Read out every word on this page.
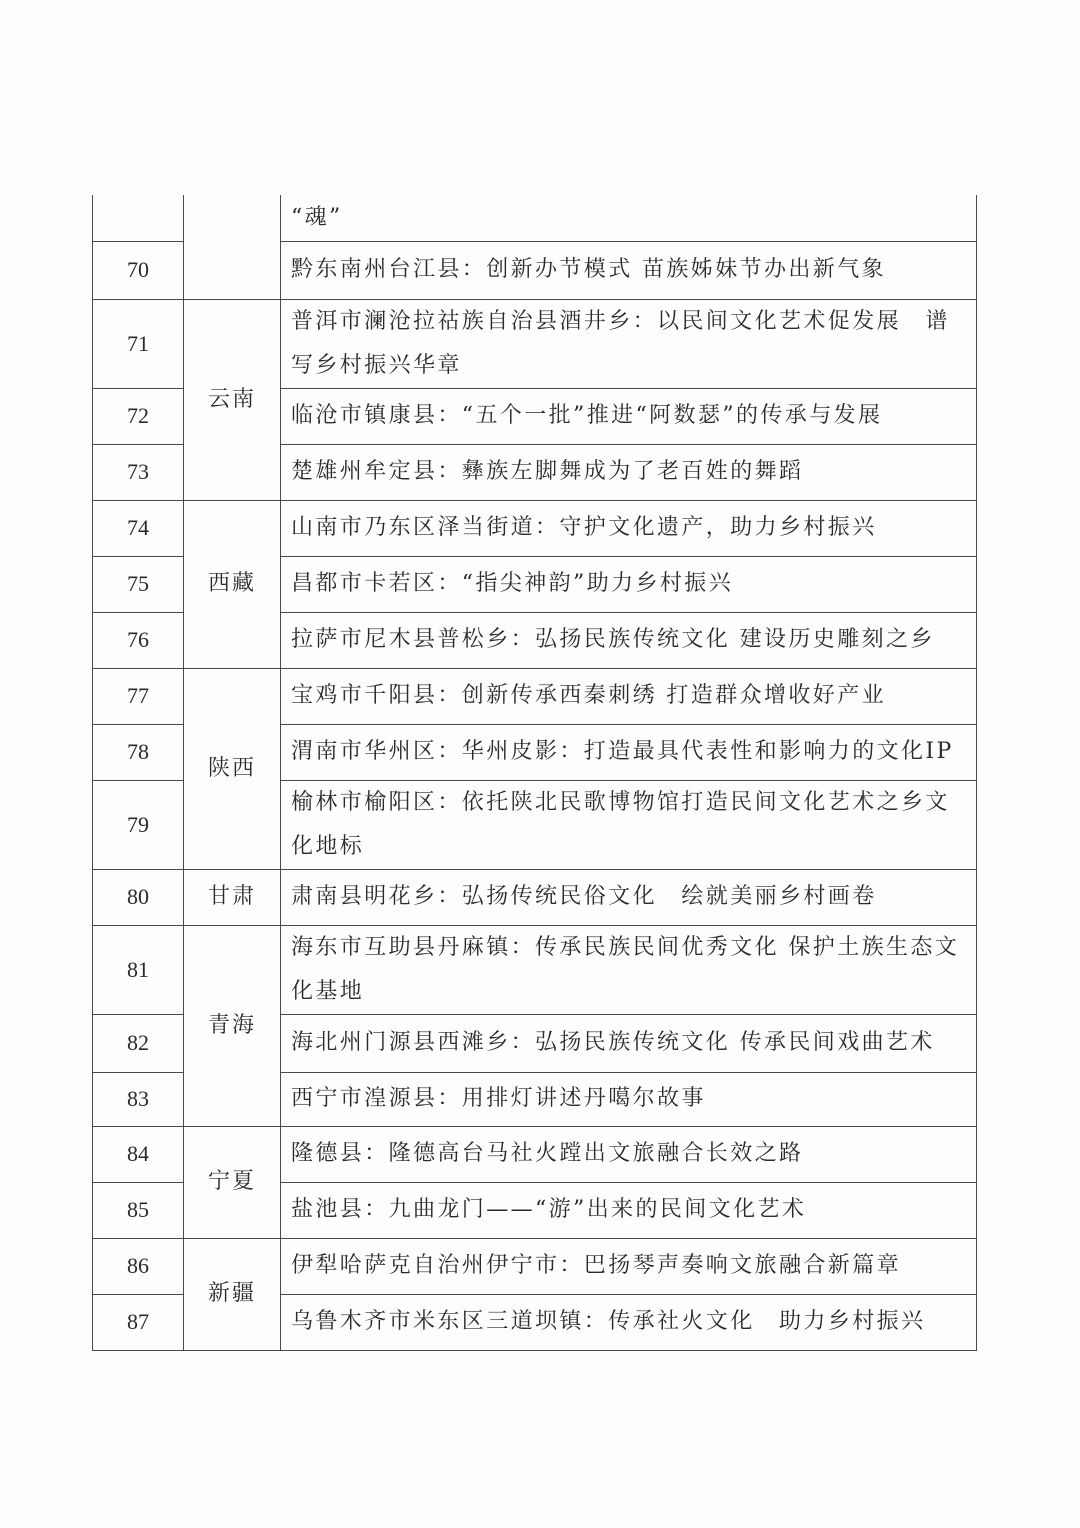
		“魂”
70		黔东南州台江县：创新办节模式 苗族姊妹节办出新气象
71	云南	普洱市澜沧拉祜族自治县酒井乡：以民间文化艺术促发展　谱写乡村振兴华章
72		临沧市镇康县：“五个一批”推进“阿数瑟”的传承与发展
73		楚雄州牟定县：彝族左脚舞成为了老百姓的舞蹈
74	西藏	山南市乃东区泽当街道：守护文化遗产，助力乡村振兴
75		昌都市卡若区：“指尖神韵”助力乡村振兴
76		拉萨市尼木县普松乡：弘扬民族传统文化 建设历史雕刻之乡
77	陕西	宝鸡市千阳县：创新传承西秦刺绣 打造群众增收好产业
78		渭南市华州区：华州皮影：打造最具代表性和影响力的文化IP
79		榆林市榆阳区：依托陕北民歌博物馆打造民间文化艺术之乡文化地标
80	甘肃	肃南县明花乡：弘扬传统民俗文化　绘就美丽乡村画卷
81	青海	海东市互助县丹麻镇：传承民族民间优秀文化 保护土族生态文化基地
82		海北州门源县西滩乡：弘扬民族传统文化 传承民间戏曲艺术
83		西宁市湟源县：用排灯讲述丹噶尔故事
84	宁夏	隆德县：隆德高台马社火蹚出文旅融合长效之路
85		盐池县：九曲龙门——“游”出来的民间文化艺术
86	新疆	伊犁哈萨克自治州伊宁市：巴扬琴声奏响文旅融合新篇章
87		乌鲁木齐市米东区三道坝镇：传承社火文化　助力乡村振兴
